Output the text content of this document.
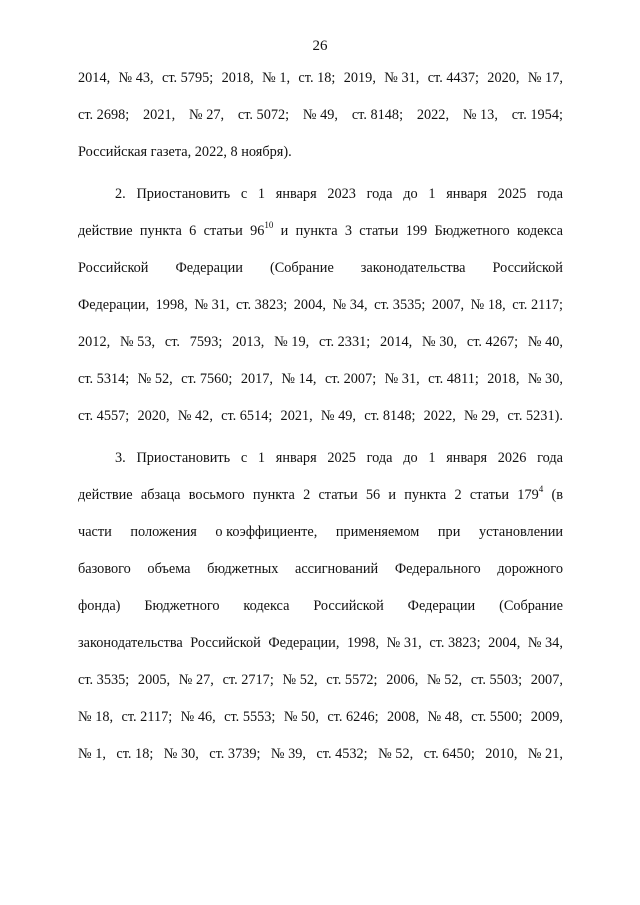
26
2014, № 43, ст. 5795; 2018, № 1, ст. 18; 2019, № 31, ст. 4437; 2020, № 17,
ст. 2698; 2021, № 27, ст. 5072; № 49, ст. 8148; 2022, № 13, ст. 1954;
Российская газета, 2022, 8 ноября).
2. Приостановить с 1 января 2023 года до 1 января 2025 года
действие пункта 6 статьи $96^{10}$ и пункта 3 статьи 199 Бюджетного кодекса
Российской Федерации (Собрание законодательства Российской
Федерации, 1998, № 31, ст. 3823; 2004, № 34, ст. 3535; 2007, № 18, ст. 2117;
2012, № 53, ст. 7593; 2013, № 19, ст. 2331; 2014, № 30, ст. 4267; № 40,
ст. 5314; № 52, ст. 7560; 2017, № 14, ст. 2007; № 31, ст. 4811; 2018, № 30,
ст. 4557; 2020, № 42, ст. 6514; 2021, № 49, ст. 8148; 2022, № 29, ст. 5231).
3. Приостановить с 1 января 2025 года до 1 января 2026 года
действие абзаца восьмого пункта 2 статьи 56 и пункта 2 статьи $179^4$ (в
части положения о коэффициенте, применяемом при установлении
базового объема бюджетных ассигнований Федерального дорожного
фонда) Бюджетного кодекса Российской Федерации (Собрание
законодательства Российской Федерации, 1998, № 31, ст. 3823; 2004, № 34,
ст. 3535; 2005, № 27, ст. 2717; № 52, ст. 5572; 2006, № 52, ст. 5503; 2007,
№ 18, ст. 2117; № 46, ст. 5553; № 50, ст. 6246; 2008, № 48, ст. 5500; 2009,
№ 1, ст. 18; № 30, ст. 3739; № 39, ст. 4532; № 52, ст. 6450; 2010, № 21,
